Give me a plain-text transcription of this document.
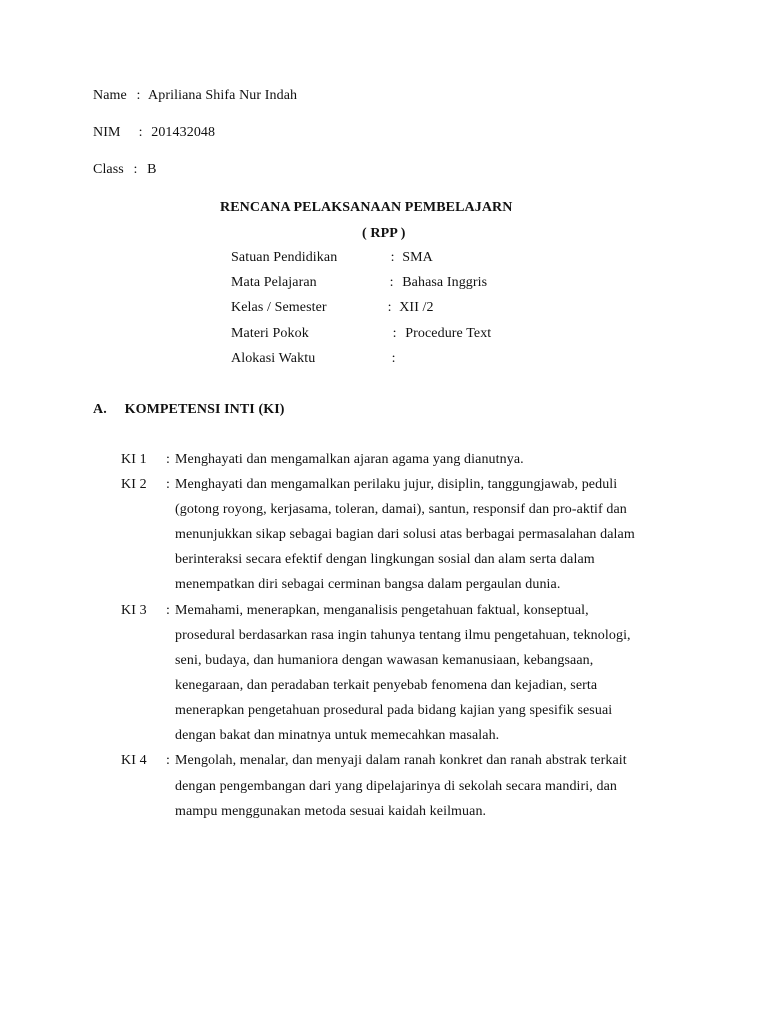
Name : Apriliana Shifa Nur Indah
NIM : 201432048
Class : B
RENCANA PELAKSANAAN PEMBELAJARN
( RPP )
Satuan Pendidikan	: SMA
Mata Pelajaran	: Bahasa Inggris
Kelas / Semester	: XII /2
Materi Pokok	: Procedure Text
Alokasi Waktu	:
A. KOMPETENSI INTI (KI)
KI 1 : Menghayati dan mengamalkan ajaran agama yang dianutnya.
KI 2 : Menghayati dan mengamalkan perilaku jujur, disiplin, tanggungjawab, peduli
(gotong royong, kerjasama, toleran, damai), santun, responsif dan pro-aktif dan
menunjukkan sikap sebagai bagian dari solusi atas berbagai permasalahan dalam
berinteraksi secara efektif dengan lingkungan sosial dan alam serta dalam
menempatkan diri sebagai cerminan bangsa dalam pergaulan dunia.
KI 3 : Memahami, menerapkan, menganalisis pengetahuan faktual, konseptual,
prosedural berdasarkan rasa ingin tahunya tentang ilmu pengetahuan, teknologi,
seni, budaya, dan humaniora dengan wawasan kemanusiaan, kebangsaan,
kenegaraan, dan peradaban terkait penyebab fenomena dan kejadian, serta
menerapkan pengetahuan prosedural pada bidang kajian yang spesifik sesuai
dengan bakat dan minatnya untuk memecahkan masalah.
KI 4 : Mengolah, menalar, dan menyaji dalam ranah konkret dan ranah abstrak terkait
dengan pengembangan dari yang dipelajarinya di sekolah secara mandiri, dan
mampu menggunakan metoda sesuai kaidah keilmuan.
